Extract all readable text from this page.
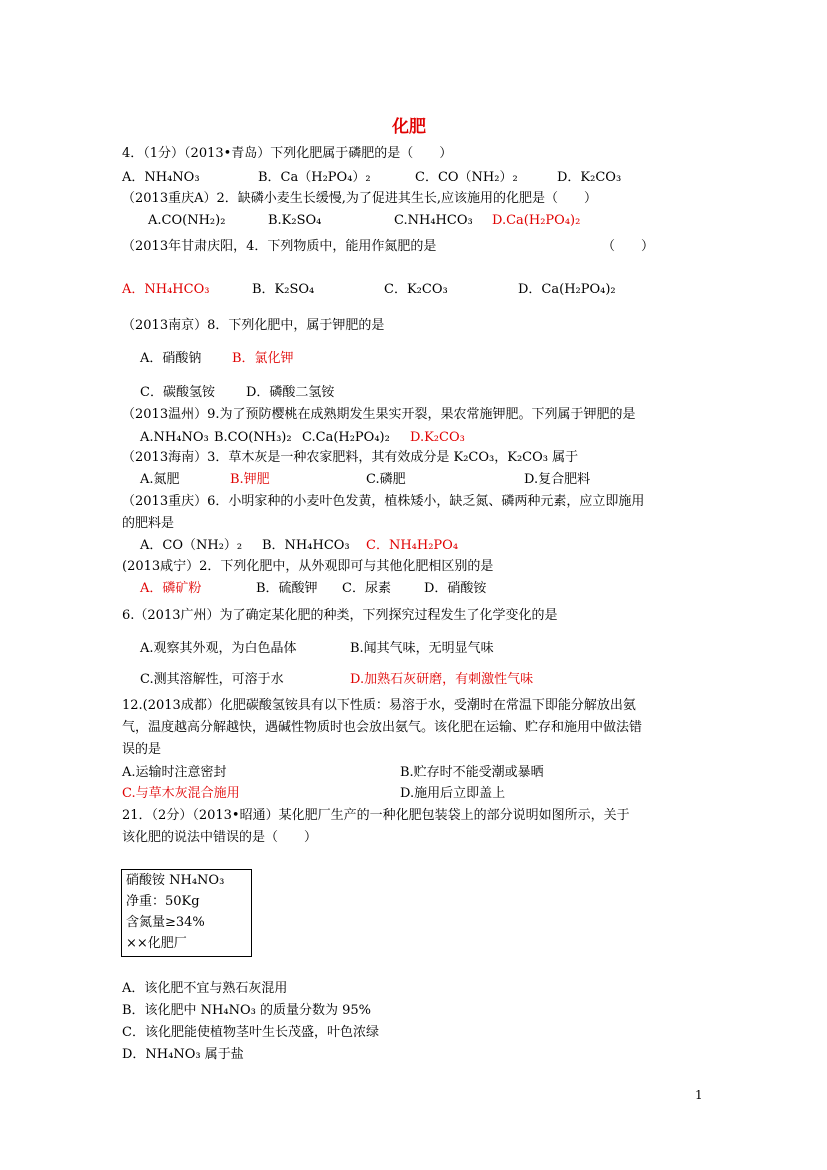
化肥
4．（1分）（2013•青岛）下列化肥属于磷肥的是（　　）
A．NH₄NO₃	B．Ca（H₂PO₄）₂	C．CO（NH₂）₂	D．K₂CO₃
（2013重庆A）2．缺磷小麦生长缓慢,为了促进其生长,应该施用的化肥是（　　）
A.CO(NH₂)₂	B.K₂SO₄	C.NH₄HCO₃ D.Ca(H₂PO₄)₂
（2013年甘肃庆阳，4．下列物质中，能用作氮肥的是	（　　）
A．NH₄HCO₃	B．K₂SO₄	C．K₂CO₃	D．Ca(H₂PO₄)₂
（2013南京）8．下列化肥中，属于钾肥的是
A．硝酸钠 B．氯化钾
C．碳酸氢铵 D．磷酸二氢铵
（2013温州）9.为了预防樱桃在成熟期发生果实开裂，果农常施钾肥。下列属于钾肥的是
A.NH₄NO₃ B.CO(NH₃)₂ C.Ca(H₂PO₄)₂ D.K₂CO₃
（2013海南）3．草木灰是一种农家肥料，其有效成分是 K₂CO₃，K₂CO₃ 属于
A.氮肥	B.钾肥	C.磷肥	D.复合肥料
（2013重庆）6．小明家种的小麦叶色发黄，植株矮小，缺乏氮、磷两种元素，应立即施用
的肥料是
A．CO（NH₂）₂ B．NH₄HCO₃ C．NH₄H₂PO₄
(2013咸宁）2．下列化肥中，从外观即可与其他化肥相区别的是
A．磷矿粉	B．硫酸钾 C．尿素	D．硝酸铵
6.（2013广州）为了确定某化肥的种类，下列探究过程发生了化学变化的是
A.观察其外观，为白色晶体	B.闻其气味，无明显气味
C.测其溶解性，可溶于水	D.加熟石灰研磨，有刺激性气味
12.(2013成都）化肥碳酸氢铵具有以下性质：易溶于水，受潮时在常温下即能分解放出氨
气，温度越高分解越快，遇碱性物质时也会放出氨气。该化肥在运输、贮存和施用中做法错
误的是
A.运输时注意密封	B.贮存时不能受潮或暴晒
C.与草木灰混合施用	D.施用后立即盖上
21．（2分）（2013•昭通）某化肥厂生产的一种化肥包装袋上的部分说明如图所示，关于
该化肥的说法中错误的是（　　）
硝酸铵 NH₄NO₃
净重：50Kg
含氮量≥34%
××化肥厂
A．该化肥不宜与熟石灰混用
B．该化肥中 NH₄NO₃ 的质量分数为 95%
C．该化肥能使植物茎叶生长茂盛，叶色浓绿
D．NH₄NO₃ 属于盐
1
